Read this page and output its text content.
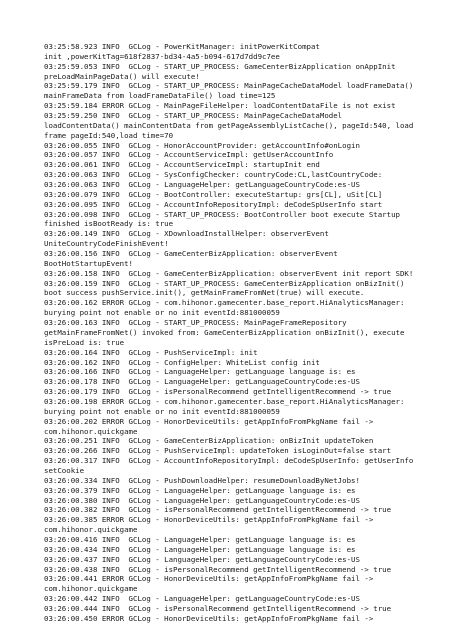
03:25:58.923 INFO  GCLog - PowerKitManager: initPowerKitCompat
init ,powerKitTag=618f2837-bd34-4a5-b094-617d7dd9c7ee
03:25:59.053 INFO  GCLog - START_UP_PROCESS: GameCenterBizApplication onAppInit
preLoadMainPageData() will execute!
03:25:59.179 INFO  GCLog - START_UP_PROCESS: MainPageCacheDataModel loadFrameData()
mainFrameData from loadFrameDataFile() load time=125
03:25:59.184 ERROR GCLog - MainPageFileHelper: loadContentDataFile is not exist
03:25:59.250 INFO  GCLog - START_UP_PROCESS: MainPageCacheDataModel
loadContentData() mainContentData from getPageAssemblyListCache(), pageId:540, load
frame pageId:540,load time=70
03:26:00.055 INFO  GCLog - HonorAccountProvider: getAccountInfo#onLogin
03:26:00.057 INFO  GCLog - AccountServiceImpl: getUserAccountInfo
03:26:00.061 INFO  GCLog - AccountServiceImpl: startupInit end
03:26:00.063 INFO  GCLog - SysConfigChecker: countryCode:CL,lastCountryCode:
03:26:00.063 INFO  GCLog - LanguageHelper: getLanguageCountryCode:es-US
03:26:00.079 INFO  GCLog - BootController: executeStartup: grs[CL], uSit[CL]
03:26:00.095 INFO  GCLog - AccountInfoRepositoryImpl: deCodeSpUserInfo start
03:26:00.098 INFO  GCLog - START_UP_PROCESS: BootController boot execute Startup
finished isBootReady is: true
03:26:00.149 INFO  GCLog - XDownloadInstallHelper: observerEvent
UniteCountryCodeFinishEvent!
03:26:00.156 INFO  GCLog - GameCenterBizApplication: observerEvent
BootHotStartupEvent!
03:26:00.158 INFO  GCLog - GameCenterBizApplication: observerEvent init report SDK!
03:26:00.159 INFO  GCLog - START_UP_PROCESS: GameCenterBizApplication onBizInit()
boot success pushService.init(), getMainFrameFromNet(true) will execute.
03:26:00.162 ERROR GCLog - com.hihonor.gamecenter.base_report.HiAnalyticsManager:
burying point not enable or no init eventId:881000059
03:26:00.163 INFO  GCLog - START_UP_PROCESS: MainPageFrameRepository
getMainFrameFromNet() invoked from: GameCenterBizApplication onBizInit(), execute
isPreLoad is: true
03:26:00.164 INFO  GCLog - PushServiceImpl: init
03:26:00.162 INFO  GCLog - ConfigHelper: WhiteList config init
03:26:00.166 INFO  GCLog - LanguageHelper: getLanguage language is: es
03:26:00.178 INFO  GCLog - LanguageHelper: getLanguageCountryCode:es-US
03:26:00.179 INFO  GCLog - isPersonalRecommend getIntelligentRecommend -> true
03:26:00.198 ERROR GCLog - com.hihonor.gamecenter.base_report.HiAnalyticsManager:
burying point not enable or no init eventId:881000059
03:26:00.202 ERROR GCLog - HonorDeviceUtils: getAppInfoFromPkgName fail ->
com.hihonor.quickgame
03:26:00.251 INFO  GCLog - GameCenterBizApplication: onBizInit updateToken
03:26:00.266 INFO  GCLog - PushServiceImpl: updateToken isLoginOut=false start
03:26:00.317 INFO  GCLog - AccountInfoRepositoryImpl: deCodeSpUserInfo: getUserInfo
setCookie
03:26:00.334 INFO  GCLog - PushDownloadHelper: resumeDownloadByNetJobs!
03:26:00.379 INFO  GCLog - LanguageHelper: getLanguage language is: es
03:26:00.380 INFO  GCLog - LanguageHelper: getLanguageCountryCode:es-US
03:26:00.382 INFO  GCLog - isPersonalRecommend getIntelligentRecommend -> true
03:26:00.385 ERROR GCLog - HonorDeviceUtils: getAppInfoFromPkgName fail ->
com.hihonor.quickgame
03:26:00.416 INFO  GCLog - LanguageHelper: getLanguage language is: es
03:26:00.434 INFO  GCLog - LanguageHelper: getLanguage language is: es
03:26:00.437 INFO  GCLog - LanguageHelper: getLanguageCountryCode:es-US
03:26:00.438 INFO  GCLog - isPersonalRecommend getIntelligentRecommend -> true
03:26:00.441 ERROR GCLog - HonorDeviceUtils: getAppInfoFromPkgName fail ->
com.hihonor.quickgame
03:26:00.442 INFO  GCLog - LanguageHelper: getLanguageCountryCode:es-US
03:26:00.444 INFO  GCLog - isPersonalRecommend getIntelligentRecommend -> true
03:26:00.450 ERROR GCLog - HonorDeviceUtils: getAppInfoFromPkgName fail ->
